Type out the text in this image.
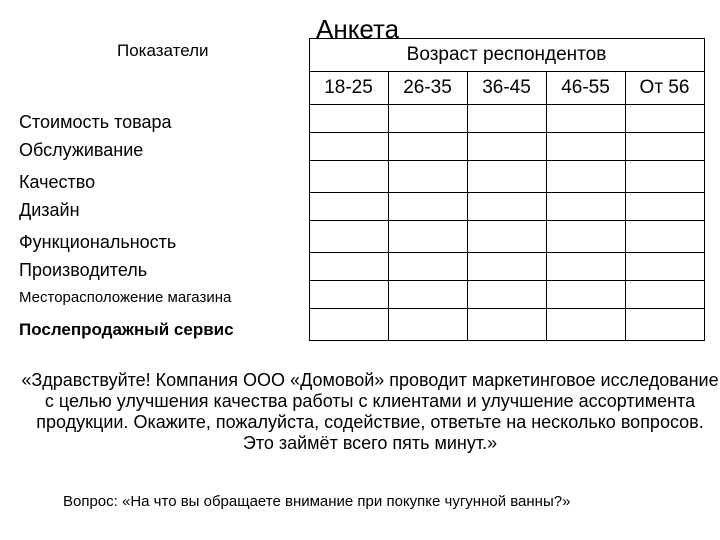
Анкета
Показатели	Возраст респондентов				
	18-25	26-35	36-45	46-55	От 56
Стоимость товара					
Обслуживание					
Качество					
Дизайн					
Функциональность					
Производитель					
Месторасположение магазина					
Послепродажный сервис					
«Здравствуйте! Компания ООО «Домовой» проводит маркетинговое исследование с целью улучшения качества работы с клиентами и улучшение ассортимента продукции. Окажите, пожалуйста, содействие, ответьте на несколько вопросов. Это займёт всего пять минут.»
Вопрос: «На что вы обращаете внимание при покупке чугунной ванны?»
